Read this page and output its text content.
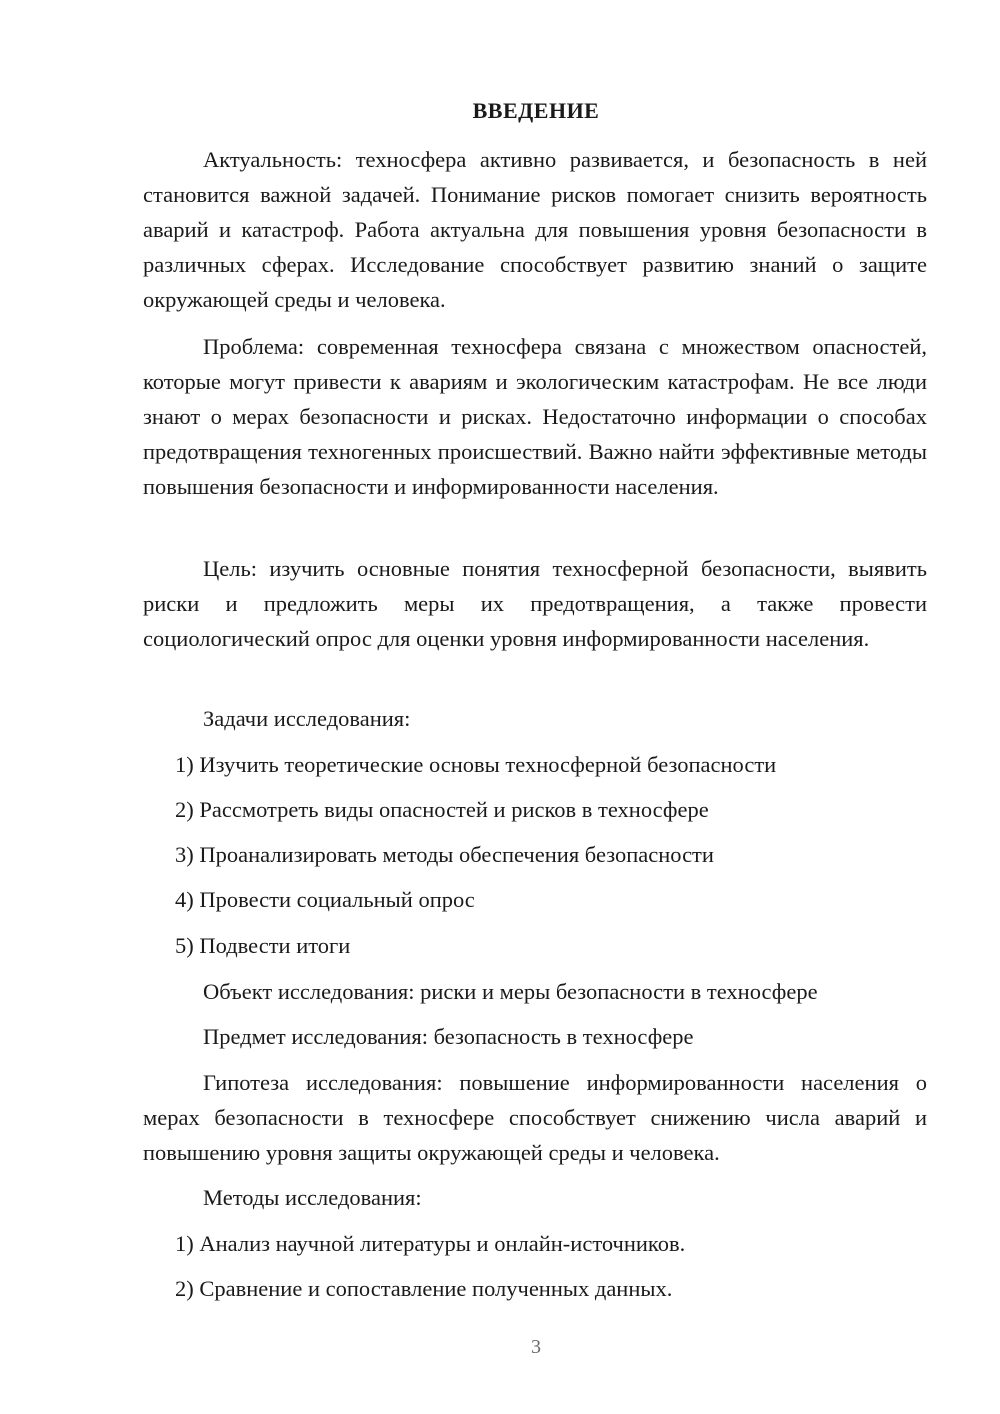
ВВЕДЕНИЕ

Актуальность: техносфера активно развивается, и безопасность в ней становится важной задачей. Понимание рисков помогает снизить вероятность аварий и катастроф. Работа актуальна для повышения уровня безопасности в различных сферах. Исследование способствует развитию знаний о защите окружающей среды и человека.

Проблема: современная техносфера связана с множеством опасностей, которые могут привести к авариям и экологическим катастрофам. Не все люди знают о мерах безопасности и рисках. Недостаточно информации о способах предотвращения техногенных происшествий. Важно найти эффективные методы повышения безопасности и информированности населения.

Цель: изучить основные понятия техносферной безопасности, выявить риски и предложить меры их предотвращения, а также провести социологический опрос для оценки уровня информированности населения.

Задачи исследования:

1) Изучить теоретические основы техносферной безопасности

2) Рассмотреть виды опасностей и рисков в техносфере

3) Проанализировать методы обеспечения безопасности

4) Провести социальный опрос

5) Подвести итоги

Объект исследования: риски и меры безопасности в техносфере

Предмет исследования: безопасность в техносфере

Гипотеза исследования: повышение информированности населения о мерах безопасности в техносфере способствует снижению числа аварий и повышению уровня защиты окружающей среды и человека.

Методы исследования:

1) Анализ научной литературы и онлайн-источников.

2) Сравнение и сопоставление полученных данных.

3
